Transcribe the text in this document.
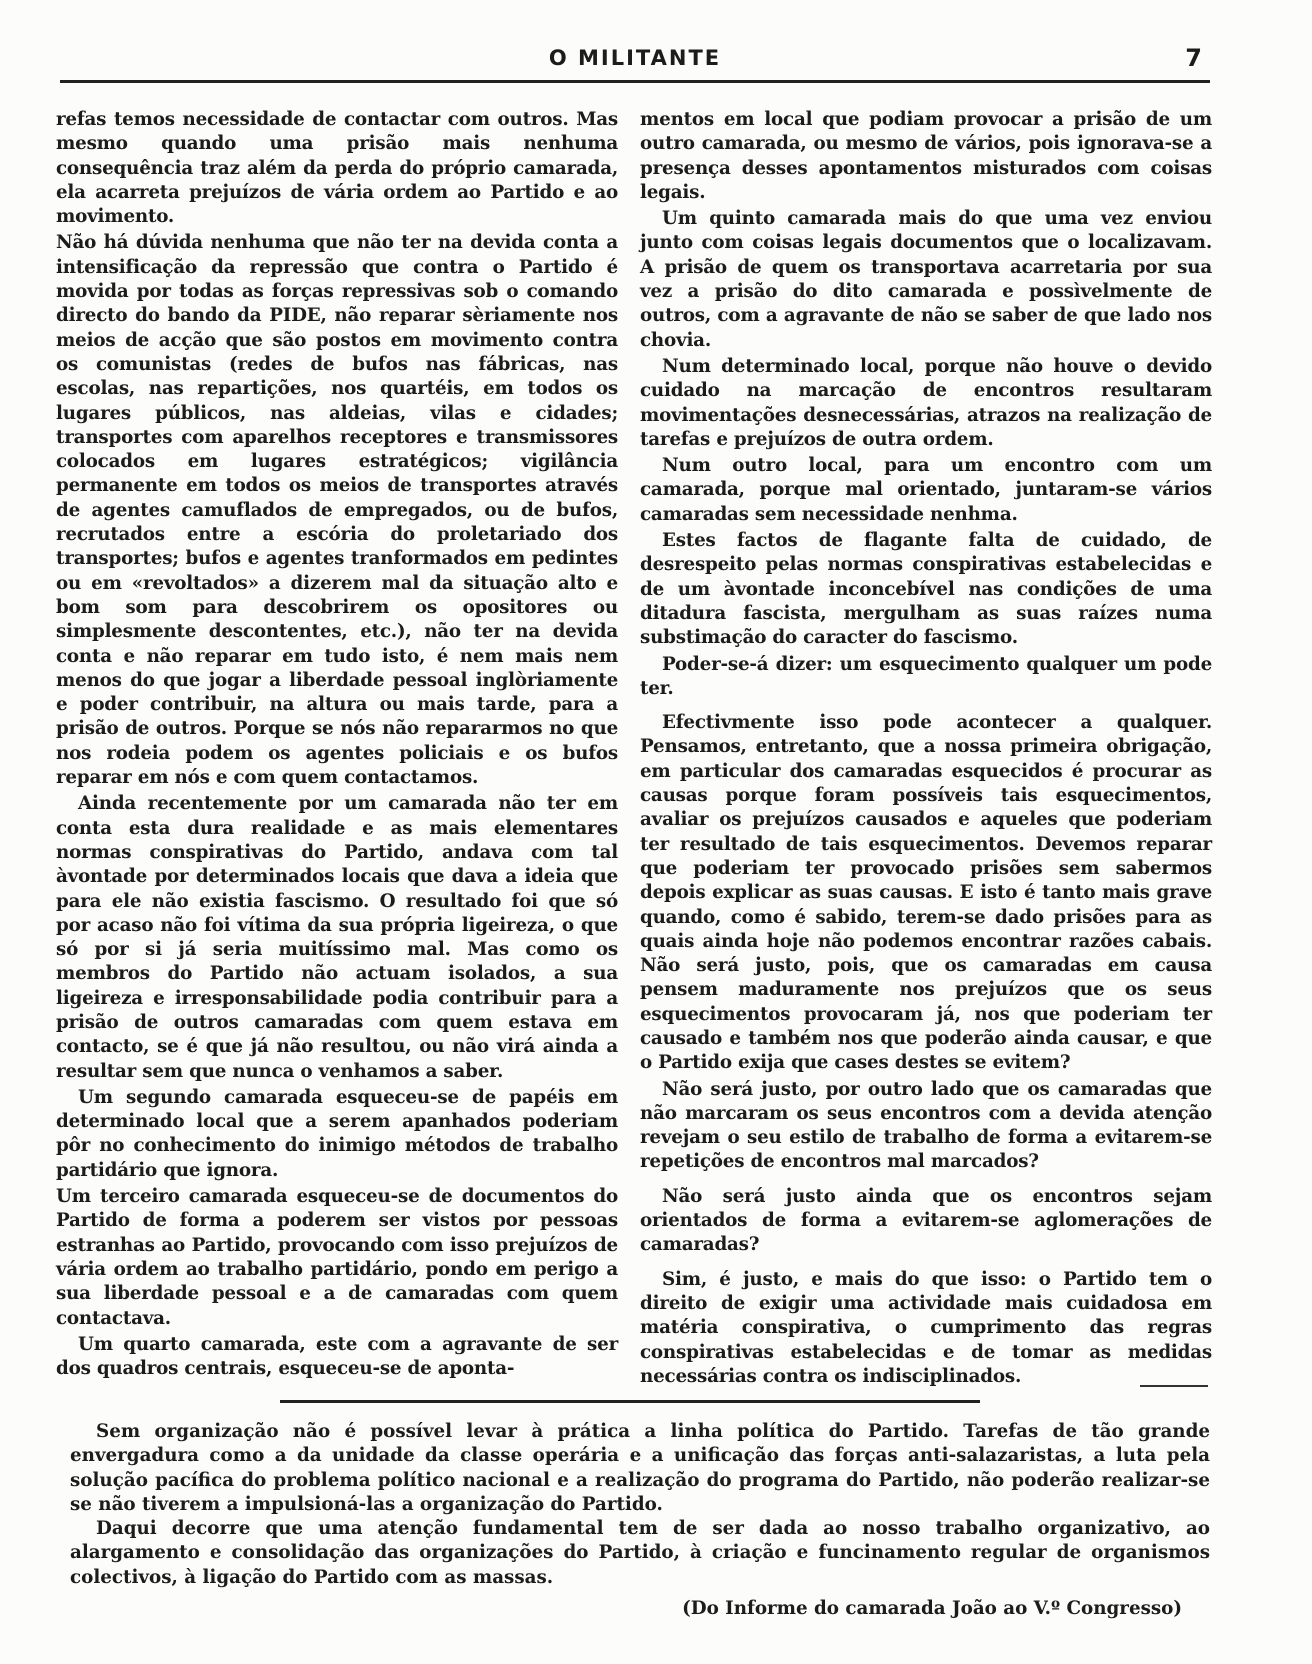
O MILITANTE	7

refas temos necessidade de contactar com outros. Mas mesmo quando uma prisão mais nenhuma consequência traz além da perda do próprio camarada, ela acarreta prejuízos de vária ordem ao Partido e ao movimento.

Não há dúvida nenhuma que não ter na devida conta a intensificação da repressão que contra o Partido é movida por todas as forças repressivas sob o comando directo do bando da PIDE, não reparar sèriamente nos meios de acção que são postos em movimento contra os comunistas (redes de bufos nas fábricas, nas escolas, nas repartições, nos quartéis, em todos os lugares públicos, nas aldeias, vilas e cidades; transportes com aparelhos receptores e transmissores colocados em lugares estratégicos; vigilância permanente em todos os meios de transportes através de agentes camuflados de empregados, ou de bufos, recrutados entre a escória do proletariado dos transportes; bufos e agentes tranformados em pedintes ou em «revoltados» a dizerem mal da situação alto e bom som para descobrirem os opositores ou simplesmente descontentes, etc.), não ter na devida conta e não reparar em tudo isto, é nem mais nem menos do que jogar a liberdade pessoal inglòriamente e poder contribuir, na altura ou mais tarde, para a prisão de outros. Porque se nós não repararmos no que nos rodeia podem os agentes policiais e os bufos reparar em nós e com quem contactamos.

Ainda recentemente por um camarada não ter em conta esta dura realidade e as mais elementares normas conspirativas do Partido, andava com tal àvontade por determinados locais que dava a ideia que para ele não existia fascismo. O resultado foi que só por acaso não foi vítima da sua própria ligeireza, o que só por si já seria muitíssimo mal. Mas como os membros do Partido não actuam isolados, a sua ligeireza e irresponsabilidade podia contribuir para a prisão de outros camaradas com quem estava em contacto, se é que já não resultou, ou não virá ainda a resultar sem que nunca o venhamos a saber.

Um segundo camarada esqueceu-se de papéis em determinado local que a serem apanhados poderiam pôr no conhecimento do inimigo métodos de trabalho partidário que ignora.

Um terceiro camarada esqueceu-se de documentos do Partido de forma a poderem ser vistos por pessoas estranhas ao Partido, provocando com isso prejuízos de vária ordem ao trabalho partidário, pondo em perigo a sua liberdade pessoal e a de camaradas com quem contactava.

Um quarto camarada, este com a agravante de ser dos quadros centrais, esqueceu-se de aponta-

mentos em local que podiam provocar a prisão de um outro camarada, ou mesmo de vários, pois ignorava-se a presença desses apontamentos misturados com coisas legais.

Um quinto camarada mais do que uma vez enviou junto com coisas legais documentos que o localizavam. A prisão de quem os transportava acarretaria por sua vez a prisão do dito camarada e possìvelmente de outros, com a agravante de não se saber de que lado nos chovia.

Num determinado local, porque não houve o devido cuidado na marcação de encontros resultaram movimentações desnecessárias, atrazos na realização de tarefas e prejuízos de outra ordem.

Num outro local, para um encontro com um camarada, porque mal orientado, juntaram-se vários camaradas sem necessidade nenhma.

Estes factos de flagante falta de cuidado, de desrespeito pelas normas conspirativas estabelecidas e de um àvontade inconcebível nas condições de uma ditadura fascista, mergulham as suas raízes numa substimação do caracter do fascismo.

Poder-se-á dizer: um esquecimento qualquer um pode ter.

Efectivmente isso pode acontecer a qualquer. Pensamos, entretanto, que a nossa primeira obrigação, em particular dos camaradas esquecidos é procurar as causas porque foram possíveis tais esquecimentos, avaliar os prejuízos causados e aqueles que poderiam ter resultado de tais esquecimentos. Devemos reparar que poderiam ter provocado prisões sem sabermos depois explicar as suas causas. E isto é tanto mais grave quando, como é sabido, terem-se dado prisões para as quais ainda hoje não podemos encontrar razões cabais. Não será justo, pois, que os camaradas em causa pensem maduramente nos prejuízos que os seus esquecimentos provocaram já, nos que poderiam ter causado e também nos que poderão ainda causar, e que o Partido exija que cases destes se evitem?

Não será justo, por outro lado que os camaradas que não marcaram os seus encontros com a devida atenção revejam o seu estilo de trabalho de forma a evitarem-se repetições de encontros mal marcados?

Não será justo ainda que os encontros sejam orientados de forma a evitarem-se aglomerações de camaradas?

Sim, é justo, e mais do que isso: o Partido tem o direito de exigir uma actividade mais cuidadosa em matéria conspirativa, o cumprimento das regras conspirativas estabelecidas e de tomar as medidas necessárias contra os indisciplinados.

Sem organização não é possível levar à prática a linha política do Partido. Tarefas de tão grande envergadura como a da unidade da classe operária e a unificação das forças anti-salazaristas, a luta pela solução pacífica do problema político nacional e a realização do programa do Partido, não poderão realizar-se se não tiverem a impulsioná-las a organização do Partido.

Daqui decorre que uma atenção fundamental tem de ser dada ao nosso trabalho organizativo, ao alargamento e consolidação das organizações do Partido, à criação e funcinamento regular de organismos colectivos, à ligação do Partido com as massas.

(Do Informe do camarada João ao V.º Congresso)
